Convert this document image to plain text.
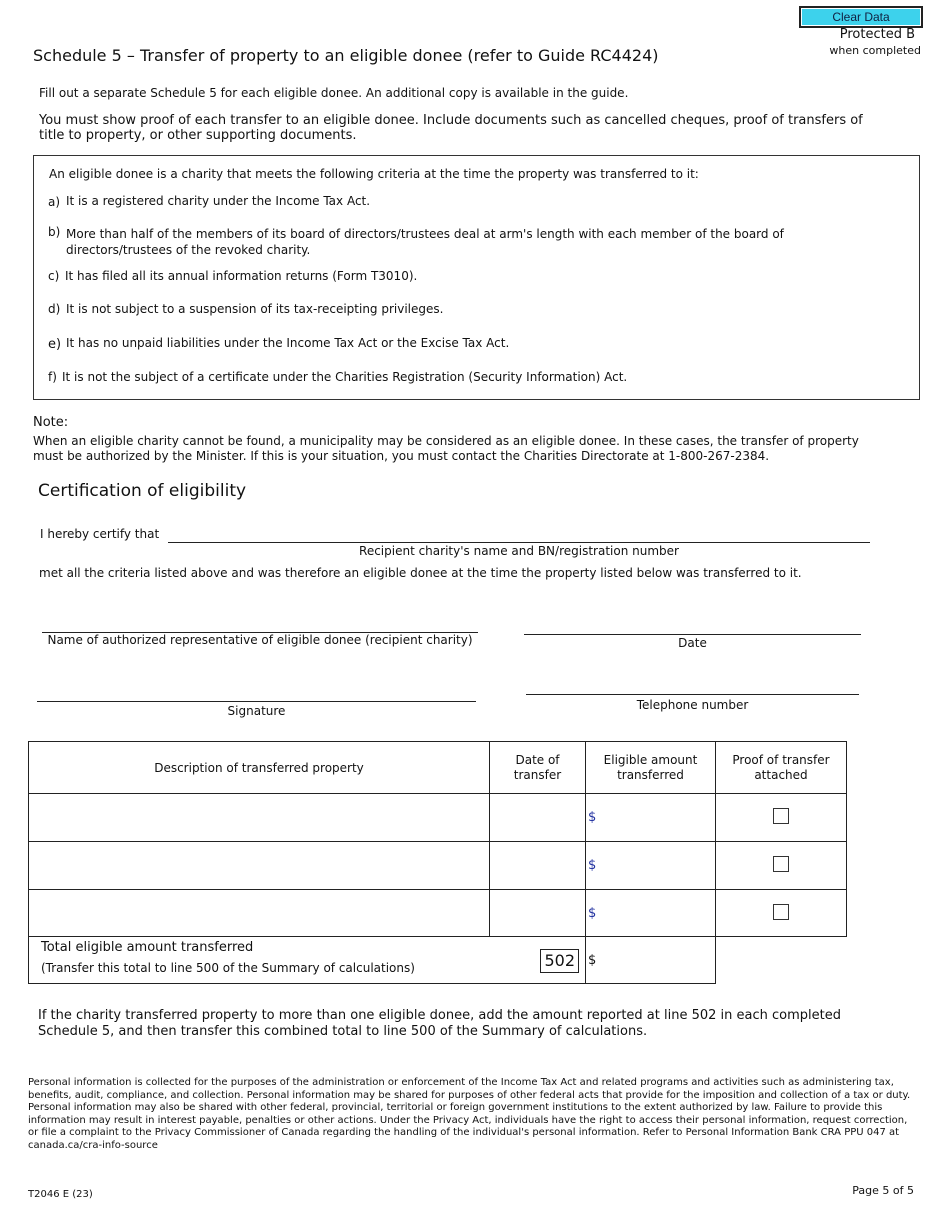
Clear Data
Protected B
when completed
Schedule 5 – Transfer of property to an eligible donee (refer to Guide RC4424)
Fill out a separate Schedule 5 for each eligible donee. An additional copy is available in the guide.
You must show proof of each transfer to an eligible donee. Include documents such as cancelled cheques, proof of transfers of title to property, or other supporting documents.
An eligible donee is a charity that meets the following criteria at the time the property was transferred to it:
a) It is a registered charity under the Income Tax Act.
b) More than half of the members of its board of directors/trustees deal at arm's length with each member of the board of directors/trustees of the revoked charity.
c) It has filed all its annual information returns (Form T3010).
d) It is not subject to a suspension of its tax-receipting privileges.
e) It has no unpaid liabilities under the Income Tax Act or the Excise Tax Act.
f) It is not the subject of a certificate under the Charities Registration (Security Information) Act.
Note:
When an eligible charity cannot be found, a municipality may be considered as an eligible donee. In these cases, the transfer of property must be authorized by the Minister. If this is your situation, you must contact the Charities Directorate at 1-800-267-2384.
Certification of eligibility
I hereby certify that
Recipient charity's name and BN/registration number
met all the criteria listed above and was therefore an eligible donee at the time the property listed below was transferred to it.
Name of authorized representative of eligible donee (recipient charity)	Date
Signature	Telephone number
Description of transferred property	Date of transfer	Eligible amount transferred	Proof of transfer attached

		$	
		$	
		$	

Total eligible amount transferred
(Transfer this total to line 500 of the Summary of calculations) 502		$	
If the charity transferred property to more than one eligible donee, add the amount reported at line 502 in each completed Schedule 5, and then transfer this combined total to line 500 of the Summary of calculations.
Personal information is collected for the purposes of the administration or enforcement of the Income Tax Act and related programs and activities such as administering tax, benefits, audit, compliance, and collection. Personal information may be shared for purposes of other federal acts that provide for the imposition and collection of a tax or duty. Personal information may also be shared with other federal, provincial, territorial or foreign government institutions to the extent authorized by law. Failure to provide this information may result in interest payable, penalties or other actions. Under the Privacy Act, individuals have the right to access their personal information, request correction, or file a complaint to the Privacy Commissioner of Canada regarding the handling of the individual's personal information. Refer to Personal Information Bank CRA PPU 047 at canada.ca/cra-info-source
T2046 E (23)	Page 5 of 5
